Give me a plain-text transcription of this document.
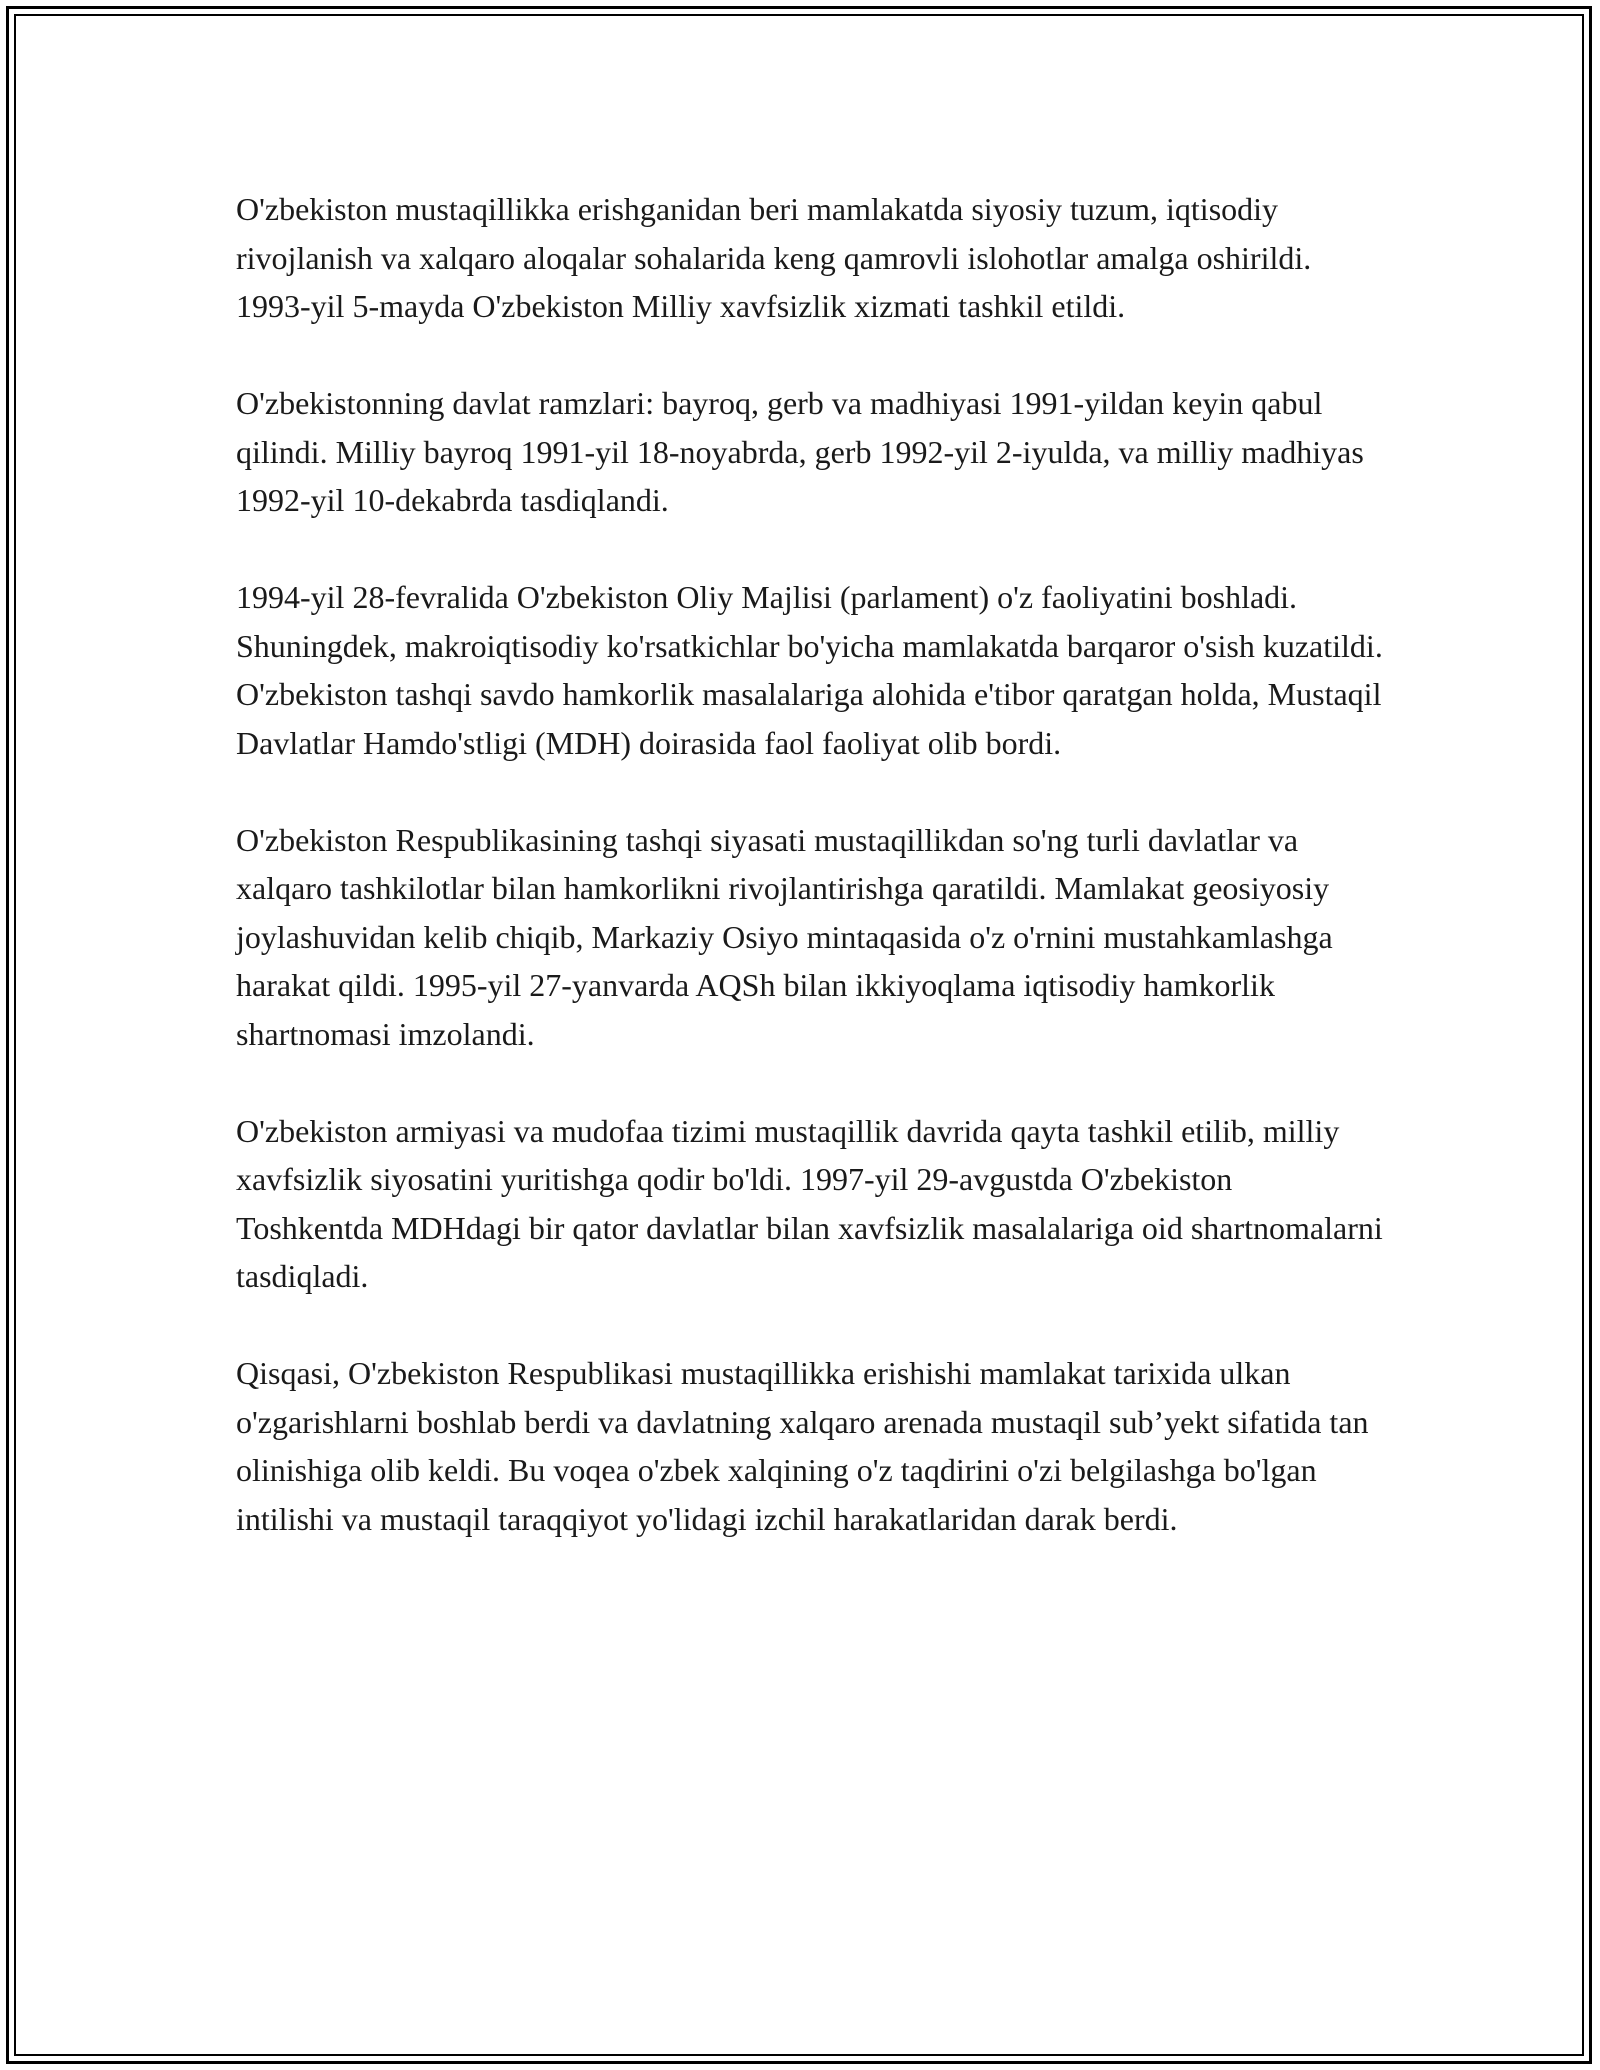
O'zbekiston mustaqillikka erishganidan beri mamlakatda siyosiy tuzum, iqtisodiy rivojlanish va xalqaro aloqalar sohalarida keng qamrovli islohotlar amalga oshirildi. 1993-yil 5-mayda O'zbekiston Milliy xavfsizlik xizmati tashkil etildi.

O'zbekistonning davlat ramzlari: bayroq, gerb va madhiyasi 1991-yildan keyin qabul qilindi. Milliy bayroq 1991-yil 18-noyabrda, gerb 1992-yil 2-iyulda, va milliy madhiyas 1992-yil 10-dekabrda tasdiqlandi.

1994-yil 28-fevralida O'zbekiston Oliy Majlisi (parlament) o'z faoliyatini boshladi. Shuningdek, makroiqtisodiy ko'rsatkichlar bo'yicha mamlakatda barqaror o'sish kuzatildi. O'zbekiston tashqi savdo hamkorlik masalalariga alohida e'tibor qaratgan holda, Mustaqil Davlatlar Hamdo'stligi (MDH) doirasida faol faoliyat olib bordi.

O'zbekiston Respublikasining tashqi siyasati mustaqillikdan so'ng turli davlatlar va xalqaro tashkilotlar bilan hamkorlikni rivojlantirishga qaratildi. Mamlakat geosiyosiy joylashuvidan kelib chiqib, Markaziy Osiyo mintaqasida o'z o'rnini mustahkamlashga harakat qildi. 1995-yil 27-yanvarda AQSh bilan ikkiyoqlama iqtisodiy hamkorlik shartnomasi imzolandi.

O'zbekiston armiyasi va mudofaa tizimi mustaqillik davrida qayta tashkil etilib, milliy xavfsizlik siyosatini yuritishga qodir bo'ldi. 1997-yil 29-avgustda O'zbekiston Toshkentda MDHdagi bir qator davlatlar bilan xavfsizlik masalalariga oid shartnomalarni tasdiqladi.

Qisqasi, O'zbekiston Respublikasi mustaqillikka erishishi mamlakat tarixida ulkan o'zgarishlarni boshlab berdi va davlatning xalqaro arenada mustaqil sub’yekt sifatida tan olinishiga olib keldi. Bu voqea o'zbek xalqining o'z taqdirini o'zi belgilashga bo'lgan intilishi va mustaqil taraqqiyot yo'lidagi izchil harakatlaridan darak berdi.
